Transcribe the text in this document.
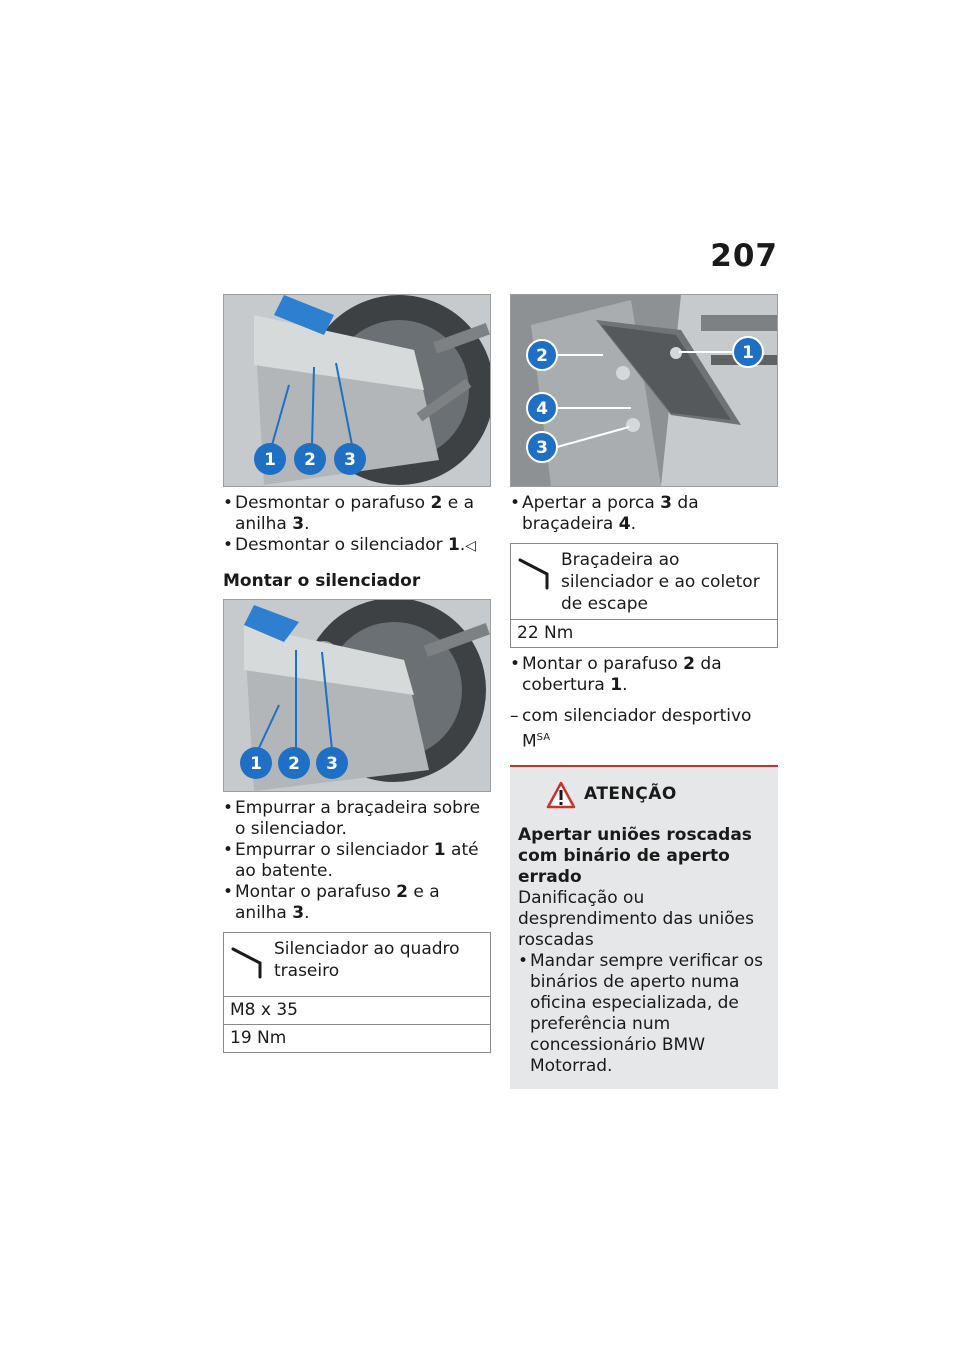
207
1 2 3
• Desmontar o parafuso 2 e a anilha 3.
• Desmontar o silenciador 1.◁
Montar o silenciador
1 2 3
• Empurrar a braçadeira sobre o silenciador.
• Empurrar o silenciador 1 até ao batente.
• Montar o parafuso 2 e a anilha 3.
Silenciador ao quadro traseiro
M8 x 35
19 Nm
2	1
4
3
• Apertar a porca 3 da braçadeira 4.
Braçadeira ao silenciador e ao coletor de escape
22 Nm
• Montar o parafuso 2 da cobertura 1.
– com silenciador desportivo $M^{SA}$
ATENÇÃO
Apertar uniões roscadas com binário de aperto errado
Danificação ou desprendimento das uniões roscadas
• Mandar sempre verificar os binários de aperto numa oficina especializada, de preferência num concessionário BMW Motorrad.
